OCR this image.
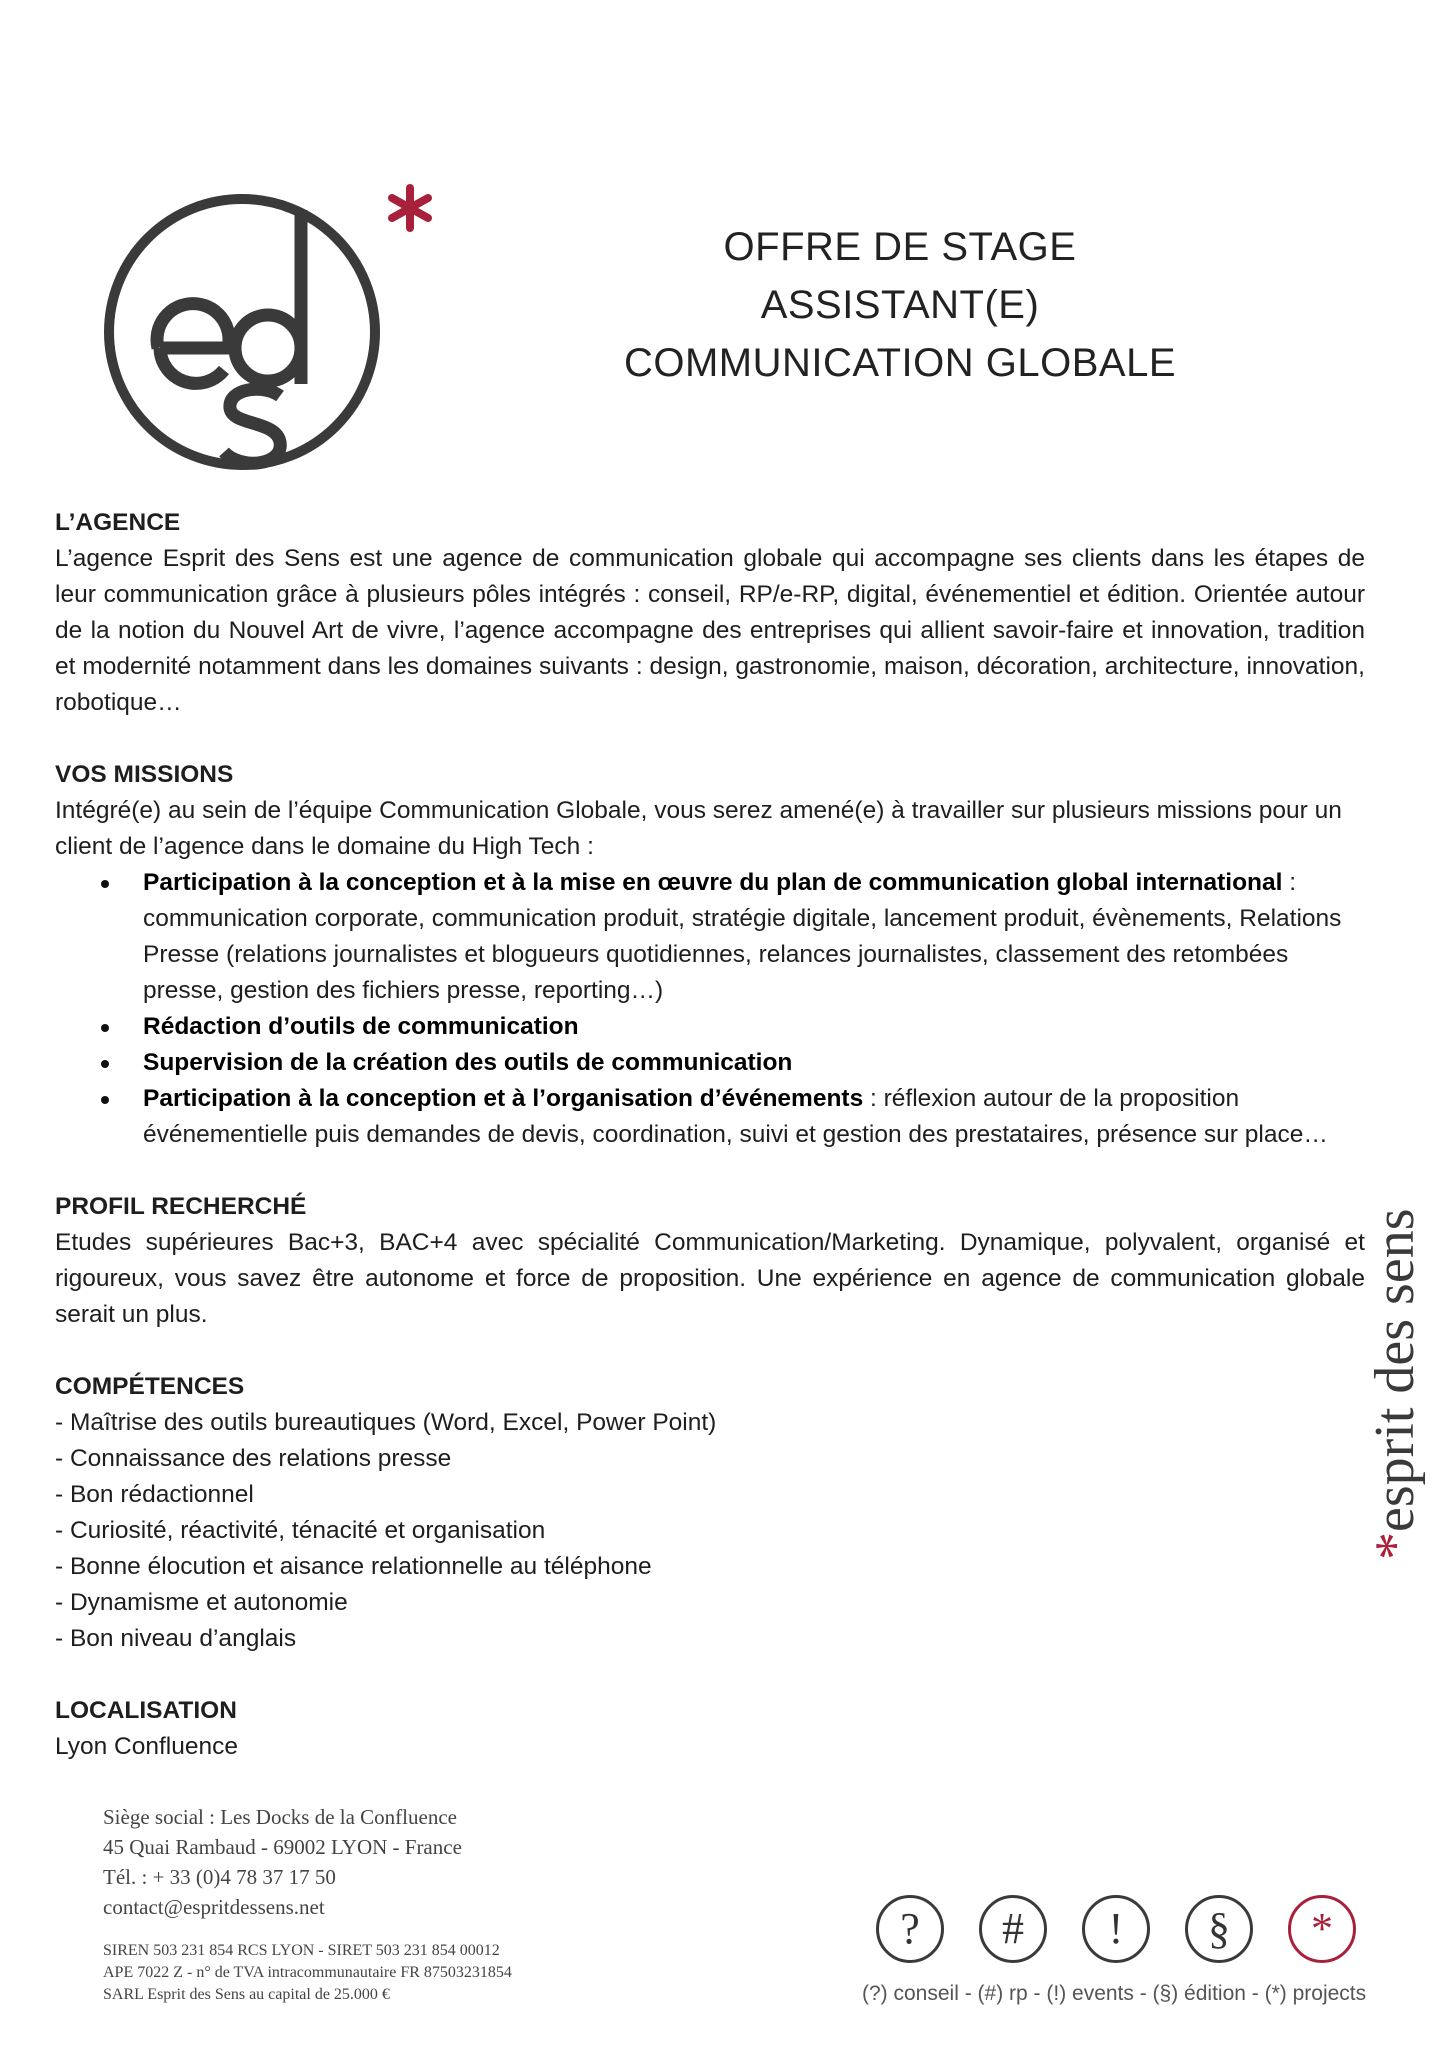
OFFRE DE STAGE
ASSISTANT(E)
COMMUNICATION GLOBALE
L’AGENCE
L’agence Esprit des Sens est une agence de communication globale qui accompagne ses clients dans les étapes de leur communication grâce à plusieurs pôles intégrés : conseil, RP/e-RP, digital, événementiel et édition. Orientée autour de la notion du Nouvel Art de vivre, l’agence accompagne des entreprises qui allient savoir-faire et innovation, tradition et modernité notamment dans les domaines suivants : design, gastronomie, maison, décoration, architecture, innovation, robotique…
VOS MISSIONS
Intégré(e) au sein de l’équipe Communication Globale, vous serez amené(e) à travailler sur plusieurs missions pour un client de l’agence dans le domaine du High Tech :
Participation à la conception et à la mise en œuvre du plan de communication global international : communication corporate, communication produit, stratégie digitale, lancement produit, évènements, Relations Presse (relations journalistes et blogueurs quotidiennes, relances journalistes, classement des retombées presse, gestion des fichiers presse, reporting…)
Rédaction d’outils de communication
Supervision de la création des outils de communication
Participation à la conception et à l’organisation d’événements : réflexion autour de la proposition événementielle puis demandes de devis, coordination, suivi et gestion des prestataires, présence sur place…
PROFIL RECHERCHÉ
Etudes supérieures Bac+3, BAC+4 avec spécialité Communication/Marketing. Dynamique, polyvalent, organisé et rigoureux, vous savez être autonome et force de proposition. Une expérience en agence de communication globale serait un plus.
COMPÉTENCES
- Maîtrise des outils bureautiques (Word, Excel, Power Point)
- Connaissance des relations presse
- Bon rédactionnel
- Curiosité, réactivité, ténacité et organisation
- Bonne élocution et aisance relationnelle au téléphone
- Dynamisme et autonomie
- Bon niveau d’anglais
LOCALISATION
Lyon Confluence
*esprit des sens
Siège social : Les Docks de la Confluence
45 Quai Rambaud - 69002 LYON - France
Tél. : + 33 (0)4 78 37 17 50
contact@espritdessens.net
SIREN 503 231 854 RCS LYON - SIRET 503 231 854 00012
APE 7022 Z - n° de TVA intracommunautaire FR 87503231854
SARL Esprit des Sens au capital de 25.000 €
?	#	!	§	*
(?) conseil - (#) rp - (!) events - (§) édition - (*) projects
